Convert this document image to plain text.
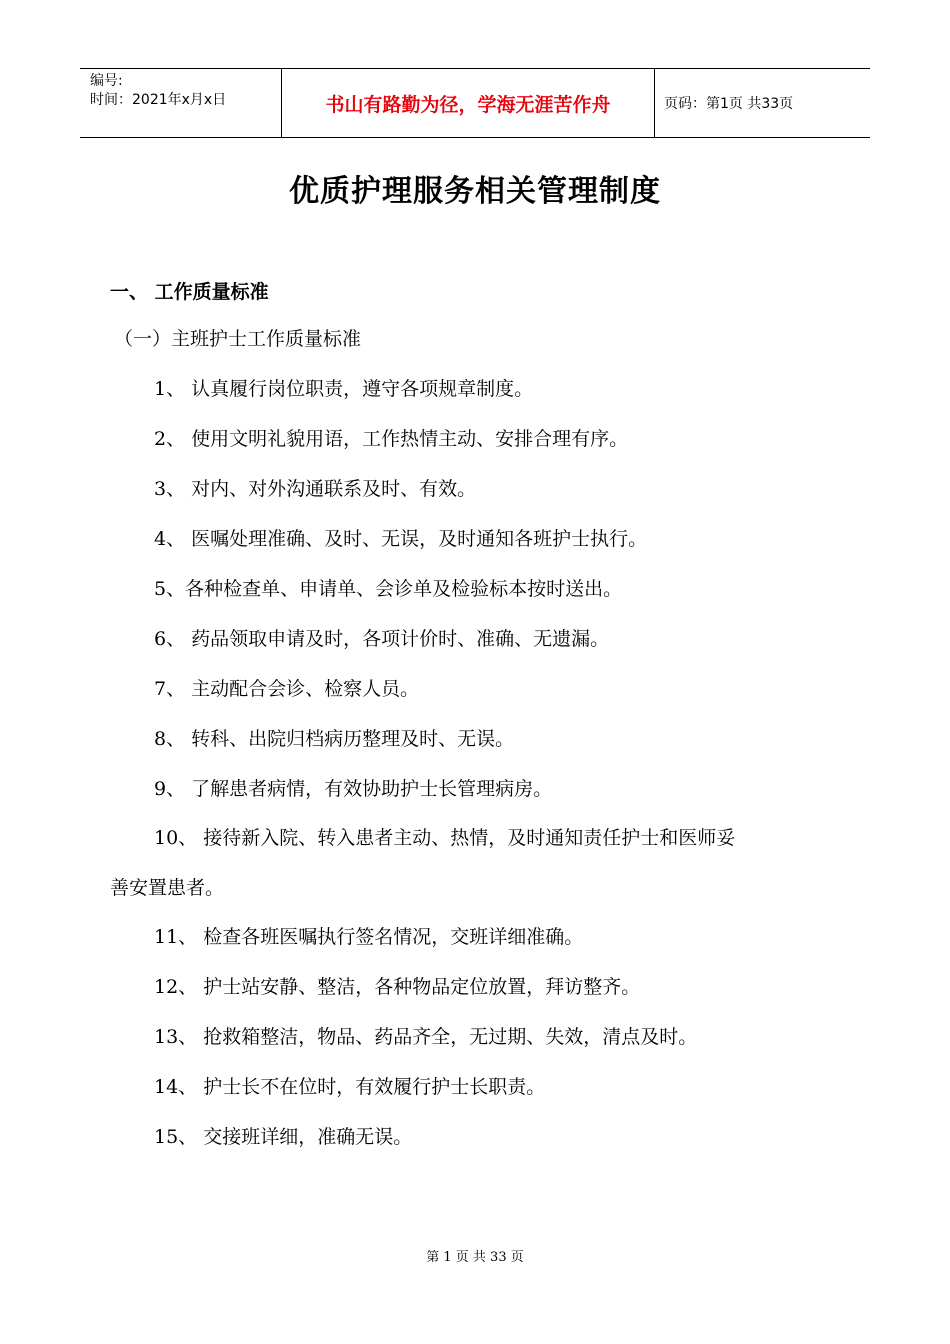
编号:
时间：2021年x月x日	书山有路勤为径，学海无涯苦作舟	页码：第1页 共33页
优质护理服务相关管理制度
一、 工作质量标准
（一）主班护士工作质量标准
1、 认真履行岗位职责，遵守各项规章制度。
2、 使用文明礼貌用语，工作热情主动、安排合理有序。
3、 对内、对外沟通联系及时、有效。
4、 医嘱处理准确、及时、无误，及时通知各班护士执行。
5、各种检查单、申请单、会诊单及检验标本按时送出。
6、 药品领取申请及时，各项计价时、准确、无遗漏。
7、 主动配合会诊、检察人员。
8、 转科、出院归档病历整理及时、无误。
9、 了解患者病情，有效协助护士长管理病房。
10、 接待新入院、转入患者主动、热情，及时通知责任护士和医师妥
善安置患者。
11、 检查各班医嘱执行签名情况，交班详细准确。
12、 护士站安静、整洁，各种物品定位放置，拜访整齐。
13、 抢救箱整洁，物品、药品齐全，无过期、失效，清点及时。
14、 护士长不在位时，有效履行护士长职责。
15、 交接班详细，准确无误。
第 1 页 共 33 页
